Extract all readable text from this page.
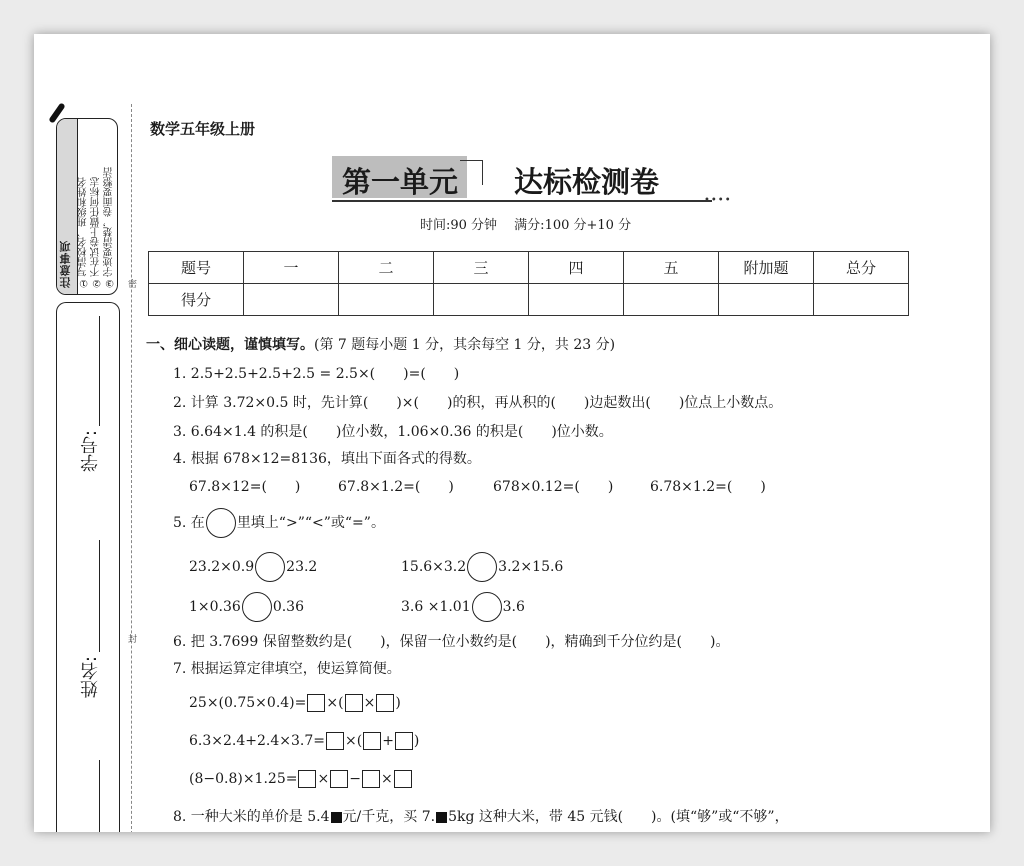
注意事项 ①写清校名、班级和姓名 ②不在试卷上做任何标志 ③字迹要清楚，卷面要整洁
学号:
姓名:
密
封
数学五年级上册
第一单元 达标检测卷
••••
时间:90 分钟　 满分:100 分+10 分
题号	一	二	三	四	五	附加题	总分
得分							
一、细心读题，谨慎填写。(第 7 题每小题 1 分，其余每空 1 分，共 23 分)
1. 2.5+2.5+2.5+2.5 = 2.5×(　　)=(　　)
2. 计算 3.72×0.5 时，先计算(　　)×(　　)的积，再从积的(　　)边起数出(　　)位点上小数点。
3. 6.64×1.4 的积是(　　)位小数，1.06×0.36 的积是(　　)位小数。
4. 根据 678×12=8136，填出下面各式的得数。
67.8×12=(　　)	67.8×1.2=(　　)	678×0.12=(　　)	6.78×1.2=(　　)
5. 在 里填上“>”“<”或“=”。
23.2×0.9 23.2	15.6×3.2 3.2×15.6
1×0.36 0.36	3.6 ×1.01 3.6
6. 把 3.7699 保留整数约是(　　)，保留一位小数约是(　　)，精确到千分位约是(　　)。
7. 根据运算定律填空，使运算简便。
25×(0.75×0.4)= ×( × )
6.3×2.4+2.4×3.7= ×( + )
(8−0.8)×1.25= × − ×
8. 一种大米的单价是 5.4 元/千克，买 7. 5kg 这种大米，带 45 元钱(　　)。(填“够”或“不够”，
